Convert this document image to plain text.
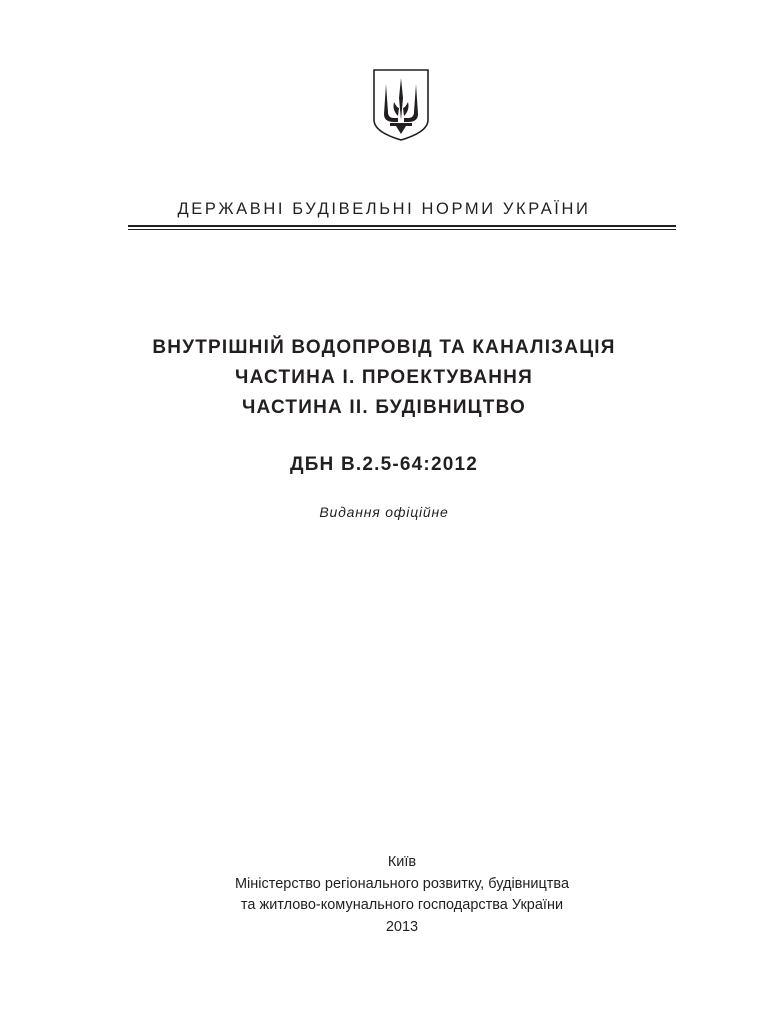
ДЕРЖАВНІ БУДІВЕЛЬНІ НОРМИ УКРАЇНИ
ВНУТРІШНІЙ ВОДОПРОВІД ТА КАНАЛІЗАЦІЯ
ЧАСТИНА І. ПРОЕКТУВАННЯ
ЧАСТИНА ІІ. БУДІВНИЦТВО
ДБН В.2.5-64:2012
Видання офіційне
Київ
Міністерство регіонального розвитку, будівництва
та житлово-комунального господарства України
2013
